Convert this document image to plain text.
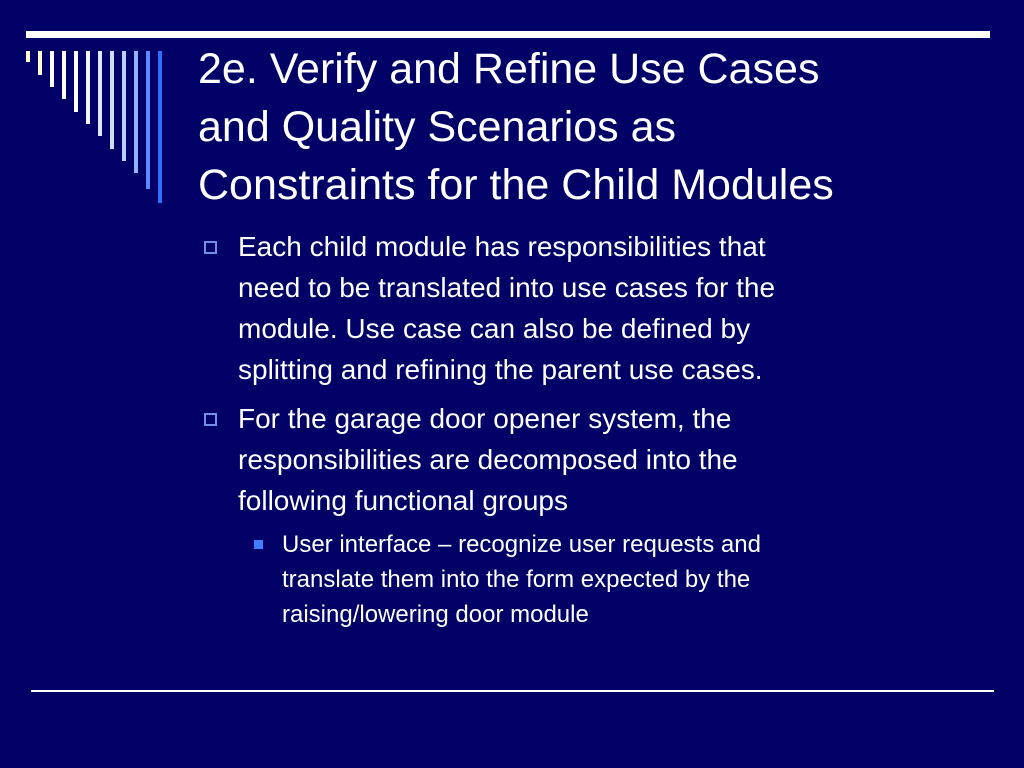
2e. Verify and Refine Use Cases
and Quality Scenarios as
Constraints for the Child Modules
Each child module has responsibilities that
need to be translated into use cases for the
module. Use case can also be defined by
splitting and refining the parent use cases.
For the garage door opener system, the
responsibilities are decomposed into the
following functional groups
User interface – recognize user requests and
translate them into the form expected by the
raising/lowering door module
